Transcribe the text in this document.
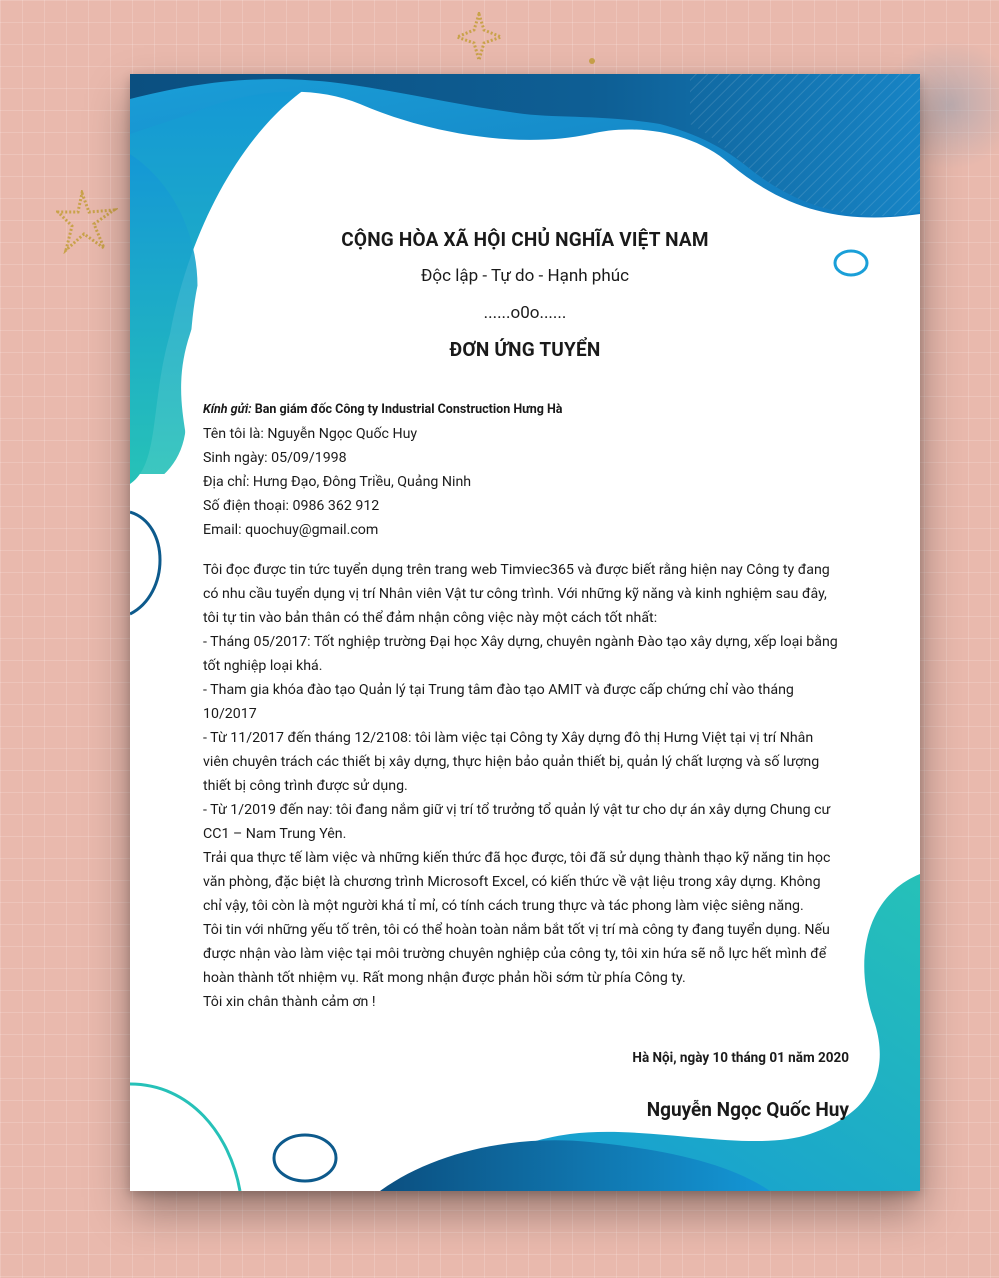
CỘNG HÒA XÃ HỘI CHỦ NGHĨA VIỆT NAM
Độc lập - Tự do - Hạnh phúc
......o0o......
ĐƠN ỨNG TUYỂN
Kính gửi: Ban giám đốc Công ty Industrial Construction Hưng Hà
Tên tôi là: Nguyễn Ngọc Quốc Huy
Sinh ngày: 05/09/1998
Địa chỉ: Hưng Đạo, Đông Triều, Quảng Ninh
Số điện thoại: 0986 362 912
Email: quochuy@gmail.com
Tôi đọc được tin tức tuyển dụng trên trang web Timviec365 và được biết rằng hiện nay Công ty đang
có nhu cầu tuyển dụng vị trí Nhân viên Vật tư công trình. Với những kỹ năng và kinh nghiệm sau đây,
tôi tự tin vào bản thân có thể đảm nhận công việc này một cách tốt nhất:
- Tháng 05/2017: Tốt nghiệp trường Đại học Xây dựng, chuyên ngành Đào tạo xây dựng, xếp loại bằng
tốt nghiệp loại khá.
- Tham gia khóa đào tạo Quản lý tại Trung tâm đào tạo AMIT và được cấp chứng chỉ vào tháng
10/2017
- Từ 11/2017 đến tháng 12/2108: tôi làm việc tại Công ty Xây dựng đô thị Hưng Việt tại vị trí Nhân
viên chuyên trách các thiết bị xây dựng, thực hiện bảo quản thiết bị, quản lý chất lượng và số lượng
thiết bị công trình được sử dụng.
- Từ 1/2019 đến nay: tôi đang nắm giữ vị trí tổ trưởng tổ quản lý vật tư cho dự án xây dựng Chung cư
CC1 – Nam Trung Yên.
Trải qua thực tế làm việc và những kiến thức đã học được, tôi đã sử dụng thành thạo kỹ năng tin học
văn phòng, đặc biệt là chương trình Microsoft Excel, có kiến thức về vật liệu trong xây dựng. Không
chỉ vậy, tôi còn là một người khá tỉ mỉ, có tính cách trung thực và tác phong làm việc siêng năng.
Tôi tin với những yếu tố trên, tôi có thể hoàn toàn nắm bắt tốt vị trí mà công ty đang tuyển dụng. Nếu
được nhận vào làm việc tại môi trường chuyên nghiệp của công ty, tôi xin hứa sẽ nỗ lực hết mình để
hoàn thành tốt nhiệm vụ. Rất mong nhận được phản hồi sớm từ phía Công ty.
Tôi xin chân thành cảm ơn !
Hà Nội, ngày 10 tháng 01 năm 2020
Nguyễn Ngọc Quốc Huy
